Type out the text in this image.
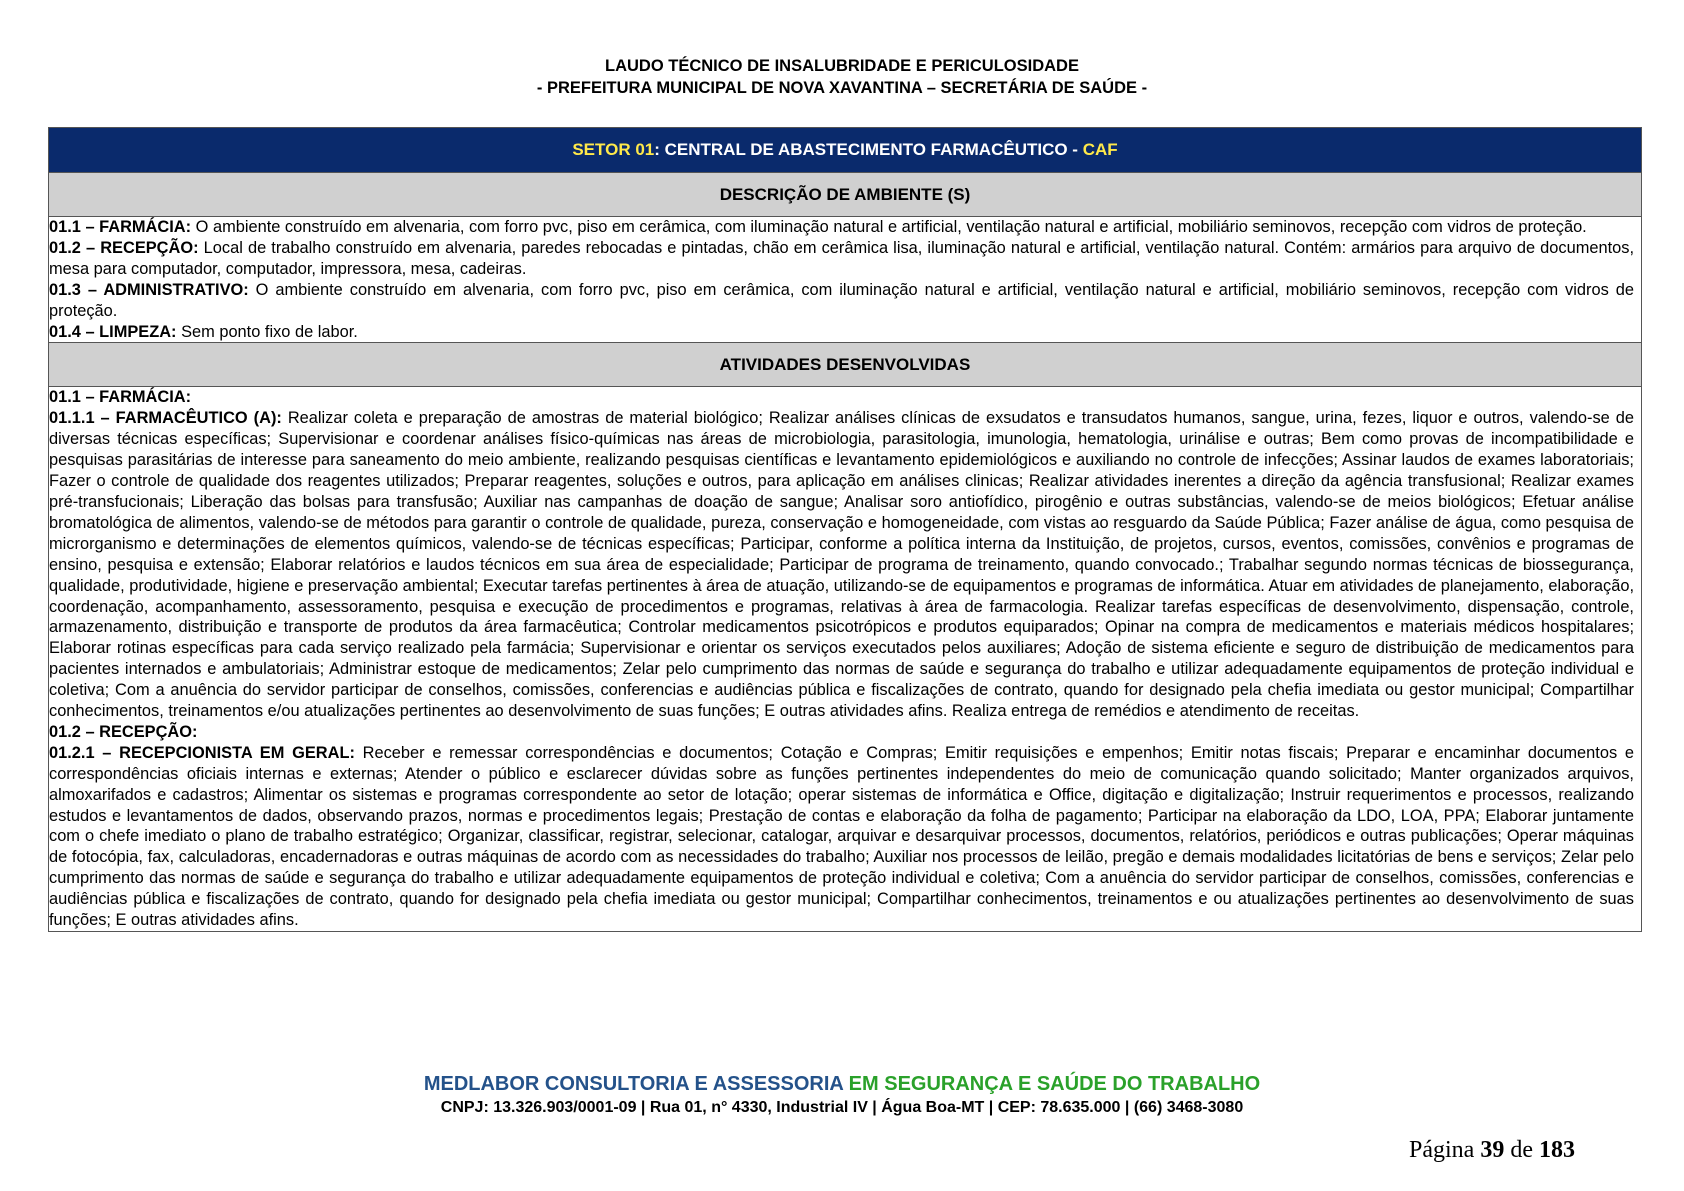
LAUDO TÉCNICO DE INSALUBRIDADE E PERICULOSIDADE
- PREFEITURA MUNICIPAL DE NOVA XAVANTINA – SECRETÁRIA DE SAÚDE -
SETOR 01: CENTRAL DE ABASTECIMENTO FARMACÊUTICO - CAF
DESCRIÇÃO DE AMBIENTE (S)
01.1 – FARMÁCIA: O ambiente construído em alvenaria, com forro pvc, piso em cerâmica, com iluminação natural e artificial, ventilação natural e artificial, mobiliário seminovos, recepção com vidros de proteção.
01.2 – RECEPÇÃO: Local de trabalho construído em alvenaria, paredes rebocadas e pintadas, chão em cerâmica lisa, iluminação natural e artificial, ventilação natural. Contém: armários para arquivo de documentos, mesa para computador, computador, impressora, mesa, cadeiras.
01.3 – ADMINISTRATIVO: O ambiente construído em alvenaria, com forro pvc, piso em cerâmica, com iluminação natural e artificial, ventilação natural e artificial, mobiliário seminovos, recepção com vidros de proteção.
01.4 – LIMPEZA: Sem ponto fixo de labor.
ATIVIDADES DESENVOLVIDAS
01.1 – FARMÁCIA:
01.1.1 – FARMACÊUTICO (A): Realizar coleta e preparação de amostras de material biológico; Realizar análises clínicas de exsudatos e transudatos humanos, sangue, urina, fezes, liquor e outros, valendo-se de diversas técnicas específicas; Supervisionar e coordenar análises físico-químicas nas áreas de microbiologia, parasitologia, imunologia, hematologia, urinálise e outras; Bem como provas de incompatibilidade e pesquisas parasitárias de interesse para saneamento do meio ambiente, realizando pesquisas científicas e levantamento epidemiológicos e auxiliando no controle de infecções; Assinar laudos de exames laboratoriais; Fazer o controle de qualidade dos reagentes utilizados; Preparar reagentes, soluções e outros, para aplicação em análises clinicas; Realizar atividades inerentes a direção da agência transfusional; Realizar exames pré-transfucionais; Liberação das bolsas para transfusão; Auxiliar nas campanhas de doação de sangue; Analisar soro antiofídico, pirogênio e outras substâncias, valendo-se de meios biológicos; Efetuar análise bromatológica de alimentos, valendo-se de métodos para garantir o controle de qualidade, pureza, conservação e homogeneidade, com vistas ao resguardo da Saúde Pública; Fazer análise de água, como pesquisa de microrganismo e determinações de elementos químicos, valendo-se de técnicas específicas; Participar, conforme a política interna da Instituição, de projetos, cursos, eventos, comissões, convênios e programas de ensino, pesquisa e extensão; Elaborar relatórios e laudos técnicos em sua área de especialidade; Participar de programa de treinamento, quando convocado.; Trabalhar segundo normas técnicas de biossegurança, qualidade, produtividade, higiene e preservação ambiental; Executar tarefas pertinentes à área de atuação, utilizando-se de equipamentos e programas de informática. Atuar em atividades de planejamento, elaboração, coordenação, acompanhamento, assessoramento, pesquisa e execução de procedimentos e programas, relativas à área de farmacologia. Realizar tarefas específicas de desenvolvimento, dispensação, controle, armazenamento, distribuição e transporte de produtos da área farmacêutica; Controlar medicamentos psicotrópicos e produtos equiparados; Opinar na compra de medicamentos e materiais médicos hospitalares; Elaborar rotinas específicas para cada serviço realizado pela farmácia; Supervisionar e orientar os serviços executados pelos auxiliares; Adoção de sistema eficiente e seguro de distribuição de medicamentos para pacientes internados e ambulatoriais; Administrar estoque de medicamentos; Zelar pelo cumprimento das normas de saúde e segurança do trabalho e utilizar adequadamente equipamentos de proteção individual e coletiva; Com a anuência do servidor participar de conselhos, comissões, conferencias e audiências pública e fiscalizações de contrato, quando for designado pela chefia imediata ou gestor municipal; Compartilhar conhecimentos, treinamentos e/ou atualizações pertinentes ao desenvolvimento de suas funções; E outras atividades afins. Realiza entrega de remédios e atendimento de receitas.
01.2 – RECEPÇÃO:
01.2.1 – RECEPCIONISTA EM GERAL: Receber e remessar correspondências e documentos; Cotação e Compras; Emitir requisições e empenhos; Emitir notas fiscais; Preparar e encaminhar documentos e correspondências oficiais internas e externas; Atender o público e esclarecer dúvidas sobre as funções pertinentes independentes do meio de comunicação quando solicitado; Manter organizados arquivos, almoxarifados e cadastros; Alimentar os sistemas e programas correspondente ao setor de lotação; operar sistemas de informática e Office, digitação e digitalização; Instruir requerimentos e processos, realizando estudos e levantamentos de dados, observando prazos, normas e procedimentos legais; Prestação de contas e elaboração da folha de pagamento; Participar na elaboração da LDO, LOA, PPA; Elaborar juntamente com o chefe imediato o plano de trabalho estratégico; Organizar, classificar, registrar, selecionar, catalogar, arquivar e desarquivar processos, documentos, relatórios, periódicos e outras publicações; Operar máquinas de fotocópia, fax, calculadoras, encadernadoras e outras máquinas de acordo com as necessidades do trabalho; Auxiliar nos processos de leilão, pregão e demais modalidades licitatórias de bens e serviços; Zelar pelo cumprimento das normas de saúde e segurança do trabalho e utilizar adequadamente equipamentos de proteção individual e coletiva; Com a anuência do servidor participar de conselhos, comissões, conferencias e audiências pública e fiscalizações de contrato, quando for designado pela chefia imediata ou gestor municipal; Compartilhar conhecimentos, treinamentos e ou atualizações pertinentes ao desenvolvimento de suas funções; E outras atividades afins.
MEDLABOR CONSULTORIA E ASSESSORIA EM SEGURANÇA E SAÚDE DO TRABALHO
CNPJ: 13.326.903/0001-09 | Rua 01, n° 4330, Industrial IV | Água Boa-MT | CEP: 78.635.000 | (66) 3468-3080
Página 39 de 183
